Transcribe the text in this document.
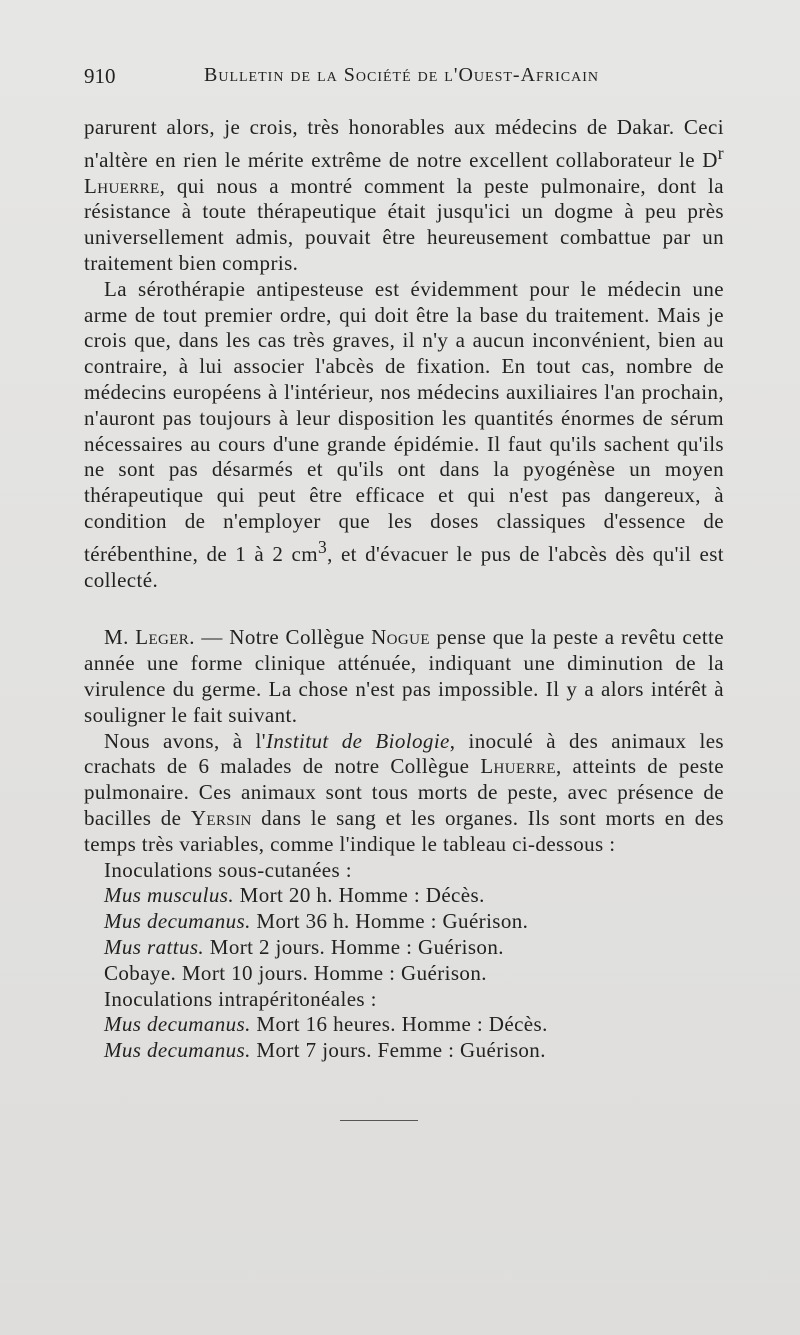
910	Bulletin de la Société de l'Ouest-Africain

parurent alors, je crois, très honorables aux médecins de Dakar. Ceci n'altère en rien le mérite extrême de notre excellent collaborateur le $D^r$ Lhuerre, qui nous a montré comment la peste pulmonaire, dont la résistance à toute thérapeutique était jusqu'ici un dogme à peu près universellement admis, pouvait être heureusement combattue par un traitement bien compris.

La sérothérapie antipesteuse est évidemment pour le médecin une arme de tout premier ordre, qui doit être la base du traitement. Mais je crois que, dans les cas très graves, il n'y a aucun inconvénient, bien au contraire, à lui associer l'abcès de fixation. En tout cas, nombre de médecins européens à l'intérieur, nos médecins auxiliaires l'an prochain, n'auront pas toujours à leur disposition les quantités énormes de sérum nécessaires au cours d'une grande épidémie. Il faut qu'ils sachent qu'ils ne sont pas désarmés et qu'ils ont dans la pyogénèse un moyen thérapeutique qui peut être efficace et qui n'est pas dangereux, à condition de n'employer que les doses classiques d'essence de térébenthine, de 1 à 2 $cm^3$, et d'évacuer le pus de l'abcès dès qu'il est collecté.

M. Leger. — Notre Collègue Nogue pense que la peste a revêtu cette année une forme clinique atténuée, indiquant une diminution de la virulence du germe. La chose n'est pas impossible. Il y a alors intérêt à souligner le fait suivant.

Nous avons, à l'Institut de Biologie, inoculé à des animaux les crachats de 6 malades de notre Collègue Lhuerre, atteints de peste pulmonaire. Ces animaux sont tous morts de peste, avec présence de bacilles de Yersin dans le sang et les organes. Ils sont morts en des temps très variables, comme l'indique le tableau ci-dessous :

Inoculations sous-cutanées :

Mus musculus. Mort 20 h. Homme : Décès.

Mus decumanus. Mort 36 h. Homme : Guérison.

Mus rattus. Mort 2 jours. Homme : Guérison.

Cobaye. Mort 10 jours. Homme : Guérison.

Inoculations intrapéritonéales :

Mus decumanus. Mort 16 heures. Homme : Décès.

Mus decumanus. Mort 7 jours. Femme : Guérison.
